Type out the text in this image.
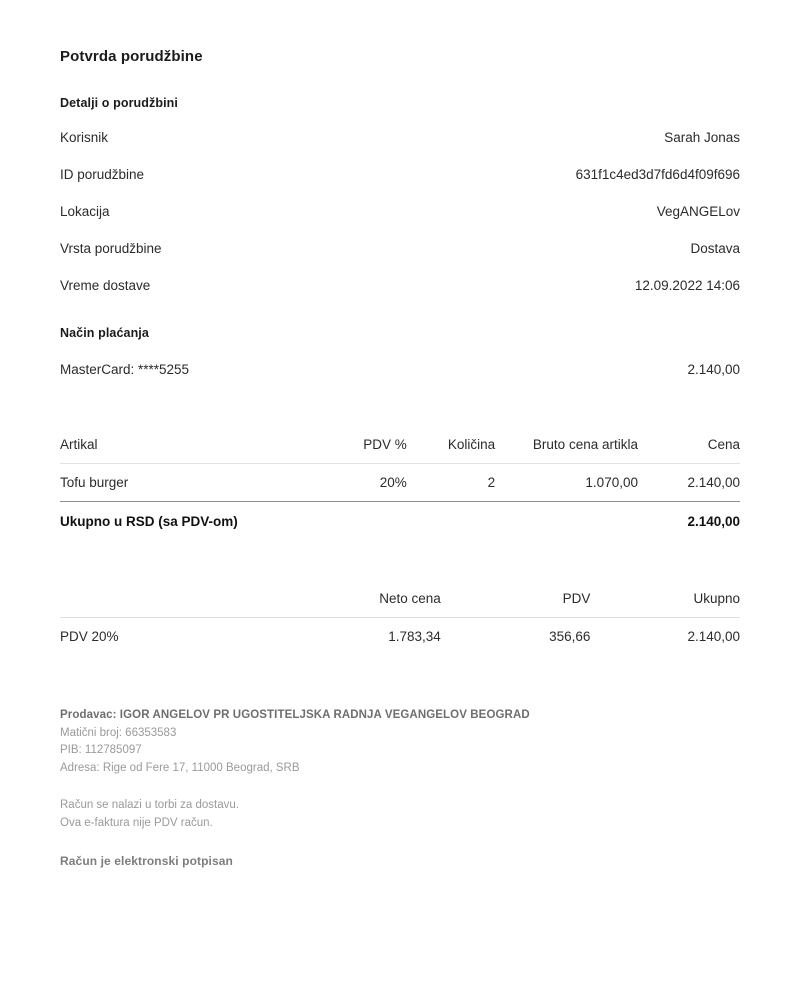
Potvrda porudžbine
Detalji o porudžbini
Korisnik	Sarah Jonas
ID porudžbine	631f1c4ed3d7fd6d4f09f696
Lokacija	VegANGELov
Vrsta porudžbine	Dostava
Vreme dostave	12.09.2022 14:06
Način plaćanja
MasterCard: ****5255	2.140,00
Artikal	PDV %	Količina	Bruto cena artikla	Cena
Tofu burger	20%	2	1.070,00	2.140,00
Ukupno u RSD (sa PDV-om)				2.140,00
	Neto cena	PDV	Ukupno
PDV 20%	1.783,34	356,66	2.140,00
Prodavac: IGOR ANGELOV PR UGOSTITELJSKA RADNJA VEGANGELOV BEOGRAD
Matični broj: 66353583
PIB: 112785097
Adresa: Rige od Fere 17, 11000 Beograd, SRB
Račun se nalazi u torbi za dostavu.
Ova e-faktura nije PDV račun.
Račun je elektronski potpisan
